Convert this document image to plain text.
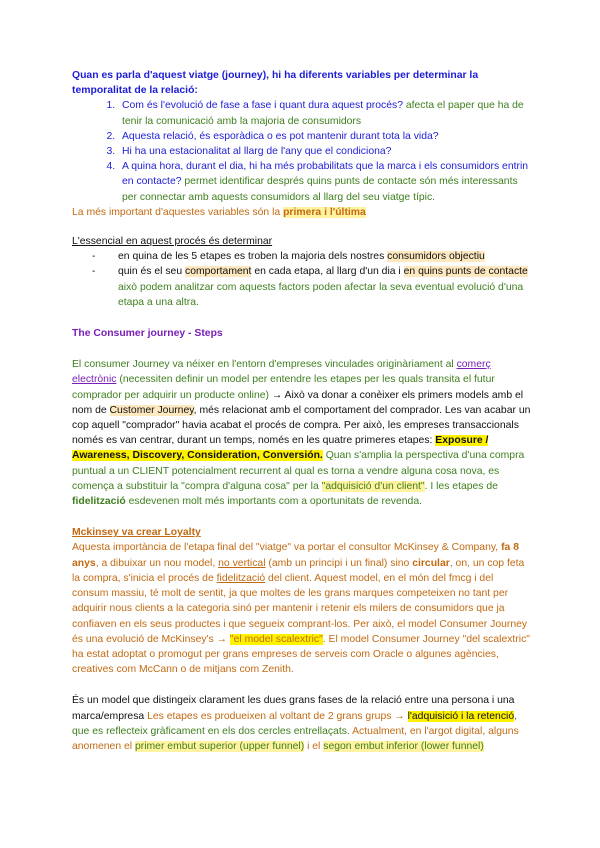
Quan es parla d'aquest viatge (journey), hi ha diferents variables per determinar la temporalitat de la relació:

1. Com és l'evolució de fase a fase i quant dura aquest procés? afecta el paper que ha de tenir la comunicació amb la majoria de consumidors
2. Aquesta relació, és esporàdica o es pot mantenir durant tota la vida?
3. Hi ha una estacionalitat al llarg de l'any que el condiciona?
4. A quina hora, durant el dia, hi ha més probabilitats que la marca i els consumidors entrin en contacte? permet identificar després quins punts de contacte són més interessants per connectar amb aquests consumidors al llarg del seu viatge típic.

La més important d'aquestes variables són la primera i l'última

L'essencial en aquest procés és determinar

- en quina de les 5 etapes es troben la majoria dels nostres consumidors objectiu
- quin és el seu comportament en cada etapa, al llarg d'un dia i en quins punts de contacte això podem analitzar com aquests factors poden afectar la seva eventual evolució d'una etapa a una altra.

The Consumer journey - Steps

El consumer Journey va néixer en l'entorn d'empreses vinculades originàriament al comerç electrònic (necessiten definir un model per entendre les etapes per les quals transita el futur comprador per adquirir un producte online) → Això va donar a conèixer els primers models amb el nom de Customer Journey, més relacionat amb el comportament del comprador. Les van acabar un cop aquell "comprador" havia acabat el procés de compra. Per això, les empreses transaccionals només es van centrar, durant un temps, només en les quatre primeres etapes: Exposure / Awareness, Discovery, Consideration, Conversión. Quan s'amplia la perspectiva d'una compra puntual a un CLIENT potencialment recurrent al qual es torna a vendre alguna cosa nova, es comença a substituir la "compra d'alguna cosa" per la "adquisició d'un client". I les etapes de fidelització esdevenen molt més importants com a oportunitats de revenda.

Mckinsey va crear Loyalty

Aquesta importància de l'etapa final del "viatge" va portar el consultor McKinsey & Company, fa 8 anys, a dibuixar un nou model, no vertical (amb un principi i un final) sino circular, on, un cop feta la compra, s'inicia el procés de fidelització del client. Aquest model, en el món del fmcg i del consum massiu, té molt de sentit, ja que moltes de les grans marques competeixen no tant per adquirir nous clients a la categoria sinó per mantenir i retenir els milers de consumidors que ja confiaven en els seus productes i que segueix comprant-los. Per això, el model Consumer Journey és una evolució de McKinsey's → "el model scalextric". El model Consumer Journey "del scalextric" ha estat adoptat o promogut per grans empreses de serveis com Oracle o algunes agències, creatives com McCann o de mitjans com Zenith.

És un model que distingeix clarament les dues grans fases de la relació entre una persona i una marca/empresa Les etapes es produeixen al voltant de 2 grans grups → l'adquisició i la retenció, que es reflecteix gràficament en els dos cercles entrellaçats. Actualment, en l'argot digital, alguns anomenen el primer embut superior (upper funnel) i el segon embut inferior (lower funnel)
